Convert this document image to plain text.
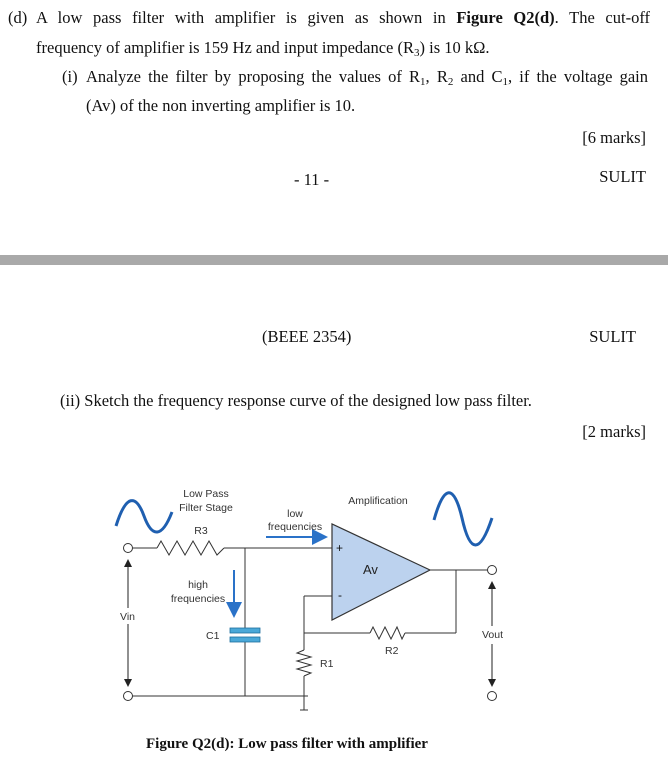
(d) A low pass filter with amplifier is given as shown in Figure Q2(d). The cut-off
frequency of amplifier is 159 Hz and input impedance $(R_3)$ is 10 kΩ.
(i) Analyze the filter by proposing the values of $R_1$, $R_2$ and $C_1$, if the voltage gain
(Av) of the non inverting amplifier is 10.
[6 marks]
- 11 -	SULIT
(BEEE 2354)	SULIT
(ii) Sketch the frequency response curve of the designed low pass filter.
[2 marks]
Low Pass
Filter Stage
R3
low
frequencies
Amplification
high
frequencies
Vin
C1
Av
+
-
R2
R1
Vout
Figure Q2(d): Low pass filter with amplifier
